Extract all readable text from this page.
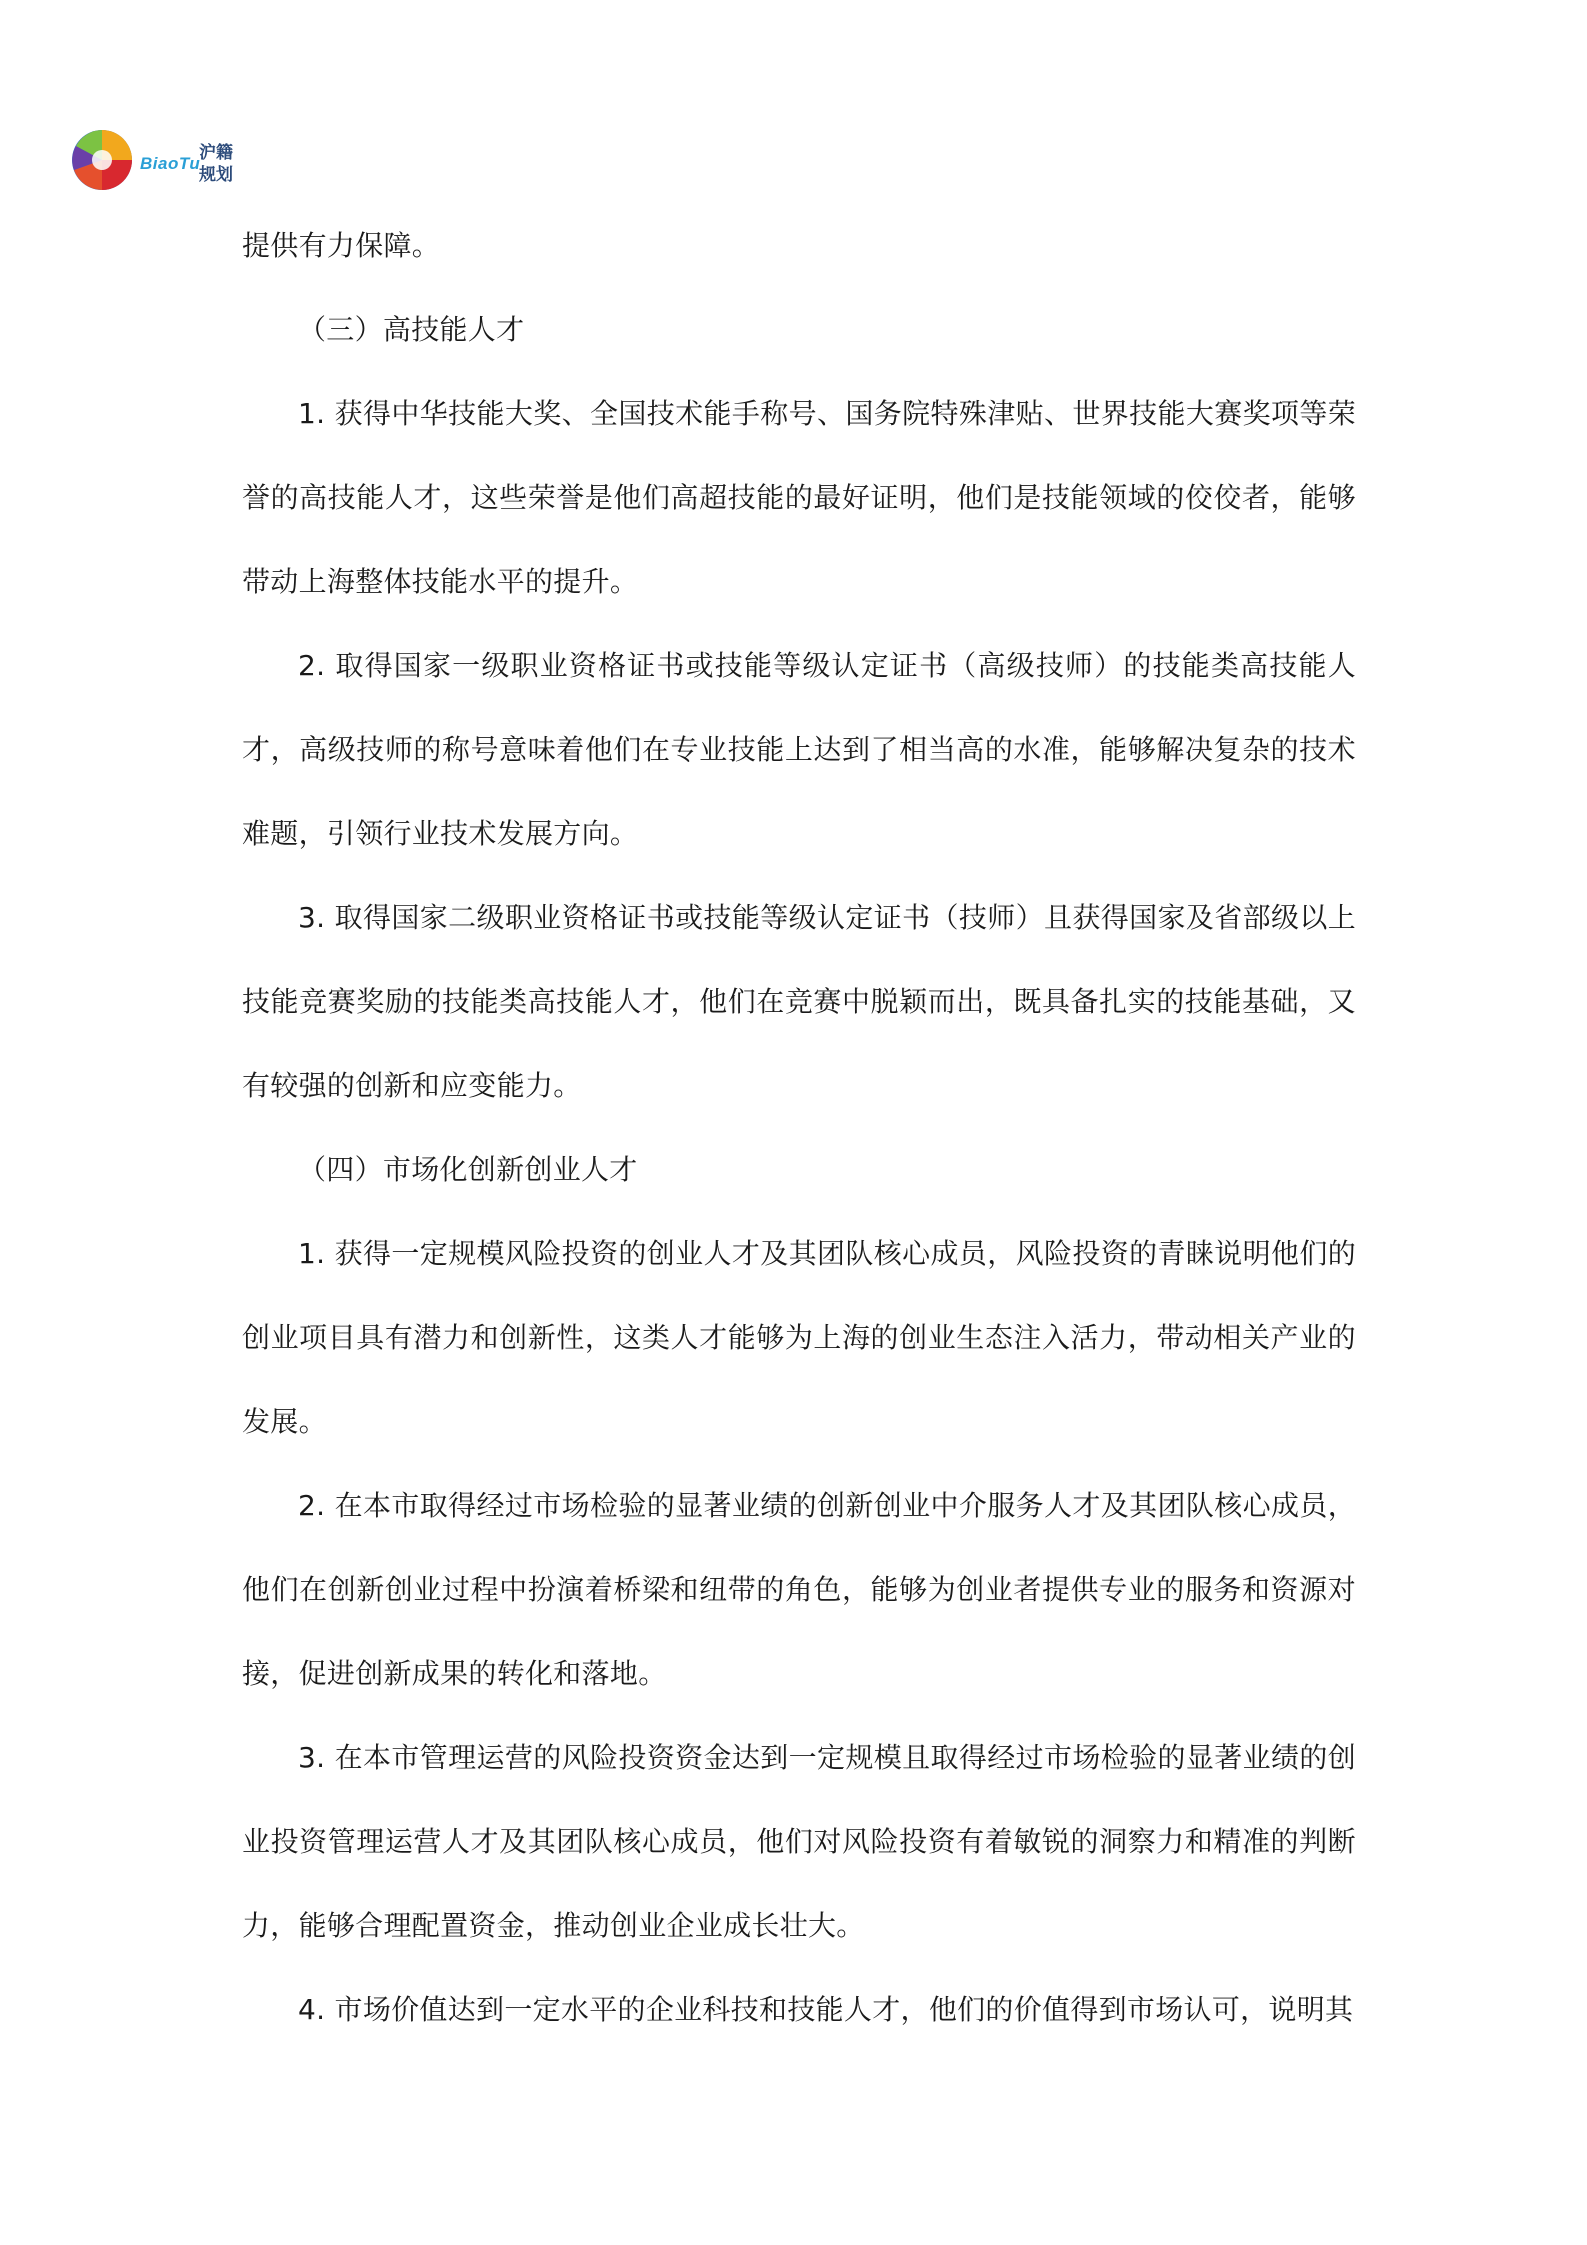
BiaoTu
沪籍
规划

提供有力保障。

（三）高技能人才

1. 获得中华技能大奖、全国技术能手称号、国务院特殊津贴、世界技能大赛奖项等荣誉的高技能人才，这些荣誉是他们高超技能的最好证明，他们是技能领域的佼佼者，能够带动上海整体技能水平的提升。

2. 取得国家一级职业资格证书或技能等级认定证书（高级技师）的技能类高技能人才，高级技师的称号意味着他们在专业技能上达到了相当高的水准，能够解决复杂的技术难题，引领行业技术发展方向。

3. 取得国家二级职业资格证书或技能等级认定证书（技师）且获得国家及省部级以上技能竞赛奖励的技能类高技能人才，他们在竞赛中脱颖而出，既具备扎实的技能基础，又有较强的创新和应变能力。

（四）市场化创新创业人才

1. 获得一定规模风险投资的创业人才及其团队核心成员，风险投资的青睐说明他们的创业项目具有潜力和创新性，这类人才能够为上海的创业生态注入活力，带动相关产业的发展。

2. 在本市取得经过市场检验的显著业绩的创新创业中介服务人才及其团队核心成员，他们在创新创业过程中扮演着桥梁和纽带的角色，能够为创业者提供专业的服务和资源对接，促进创新成果的转化和落地。

3. 在本市管理运营的风险投资资金达到一定规模且取得经过市场检验的显著业绩的创业投资管理运营人才及其团队核心成员，他们对风险投资有着敏锐的洞察力和精准的判断力，能够合理配置资金，推动创业企业成长壮大。

4. 市场价值达到一定水平的企业科技和技能人才，他们的价值得到市场认可，说明其
